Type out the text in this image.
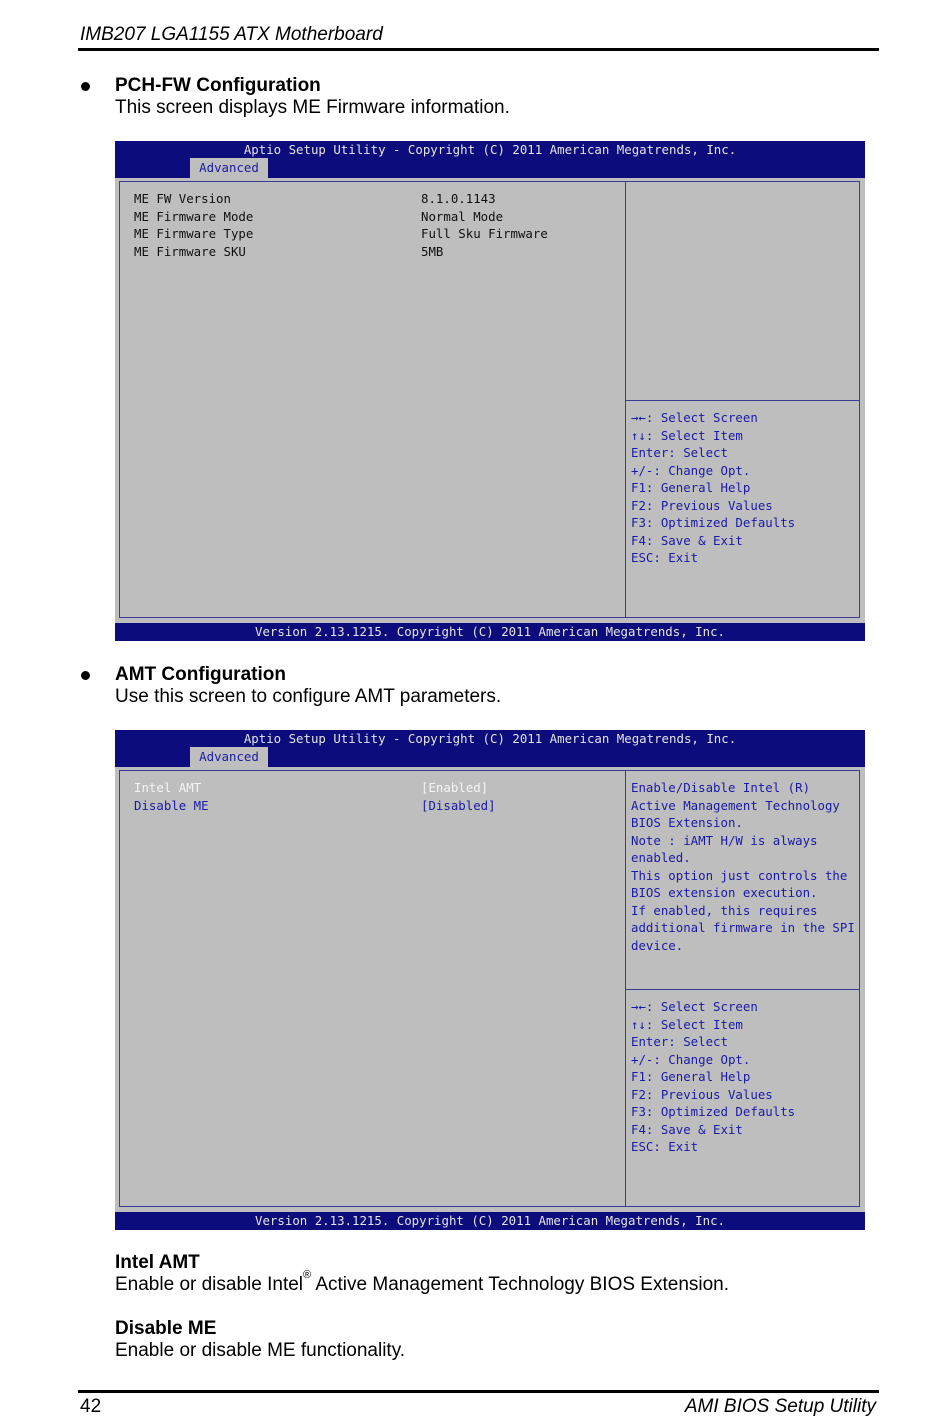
IMB207 LGA1155 ATX Motherboard
PCH-FW Configuration
This screen displays ME Firmware information.
Aptio Setup Utility - Copyright (C) 2011 American Megatrends, Inc.
Advanced
ME FW Version	8.1.0.1143
ME Firmware Mode	Normal Mode
ME Firmware Type	Full Sku Firmware
ME Firmware SKU	5MB
→←: Select Screen
↑↓: Select Item
Enter: Select
+/-: Change Opt.
F1: General Help
F2: Previous Values
F3: Optimized Defaults
F4: Save & Exit
ESC: Exit
Version 2.13.1215. Copyright (C) 2011 American Megatrends, Inc.
AMT Configuration
Use this screen to configure AMT parameters.
Aptio Setup Utility - Copyright (C) 2011 American Megatrends, Inc.
Advanced
Intel AMT	[Enabled]
Disable ME	[Disabled]
Enable/Disable Intel (R)
Active Management Technology
BIOS Extension.
Note : iAMT H/W is always
enabled.
This option just controls the
BIOS extension execution.
If enabled, this requires
additional firmware in the SPI
device.
→←: Select Screen
↑↓: Select Item
Enter: Select
+/-: Change Opt.
F1: General Help
F2: Previous Values
F3: Optimized Defaults
F4: Save & Exit
ESC: Exit
Version 2.13.1215. Copyright (C) 2011 American Megatrends, Inc.
Intel AMT
Enable or disable Intel® Active Management Technology BIOS Extension.
Disable ME
Enable or disable ME functionality.
42	AMI BIOS Setup Utility
